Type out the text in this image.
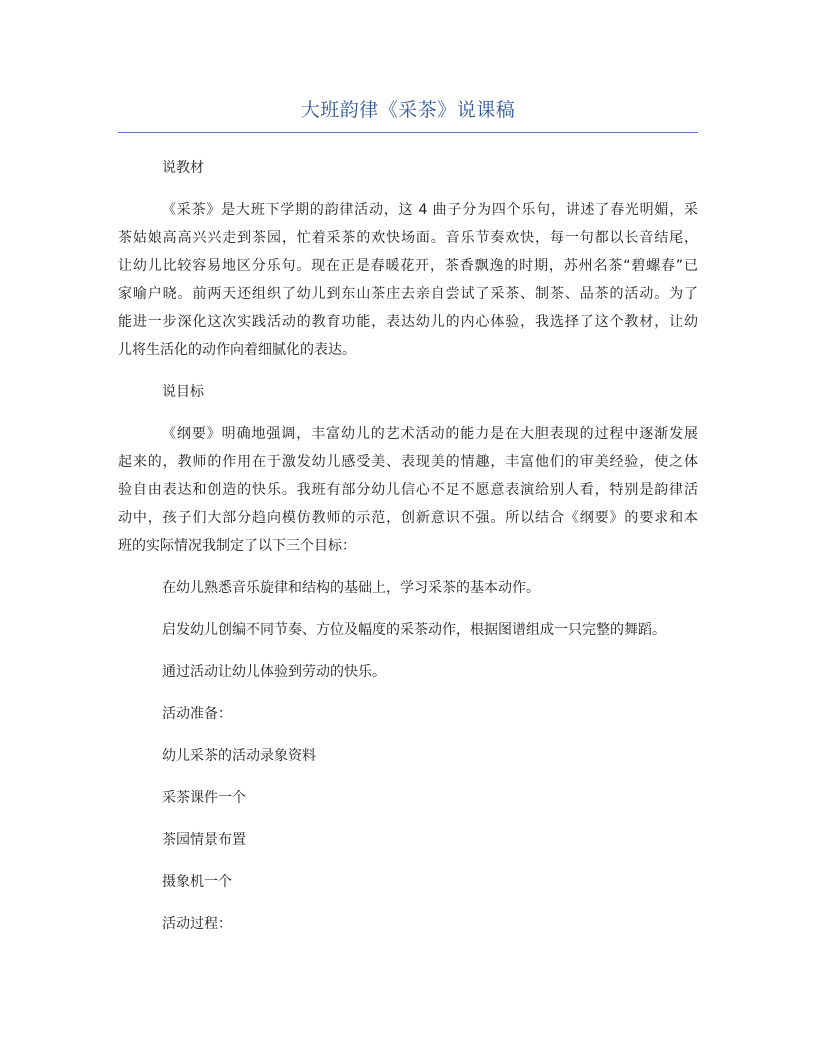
大班韵律《采茶》说课稿
说教材
《采茶》是大班下学期的韵律活动，这 4 曲子分为四个乐句，讲述了春光明媚，采
茶姑娘高高兴兴走到茶园，忙着采茶的欢快场面。音乐节奏欢快，每一句都以长音结尾，
让幼儿比较容易地区分乐句。现在正是春暖花开，茶香飘逸的时期，苏州名茶“碧螺春”已
家喻户晓。前两天还组织了幼儿到东山茶庄去亲自尝试了采茶、制茶、品茶的活动。为了
能进一步深化这次实践活动的教育功能，表达幼儿的内心体验，我选择了这个教材，让幼
儿将生活化的动作向着细腻化的表达。
说目标
《纲要》明确地强调，丰富幼儿的艺术活动的能力是在大胆表现的过程中逐渐发展
起来的，教师的作用在于激发幼儿感受美、表现美的情趣，丰富他们的审美经验，使之体
验自由表达和创造的快乐。我班有部分幼儿信心不足不愿意表演给别人看，特别是韵律活
动中，孩子们大部分趋向模仿教师的示范，创新意识不强。所以结合《纲要》的要求和本
班的实际情况我制定了以下三个目标：
在幼儿熟悉音乐旋律和结构的基础上，学习采茶的基本动作。
启发幼儿创编不同节奏、方位及幅度的采茶动作，根据图谱组成一只完整的舞蹈。
通过活动让幼儿体验到劳动的快乐。
活动准备：
幼儿采茶的活动录象资料
采茶课件一个
茶园情景布置
摄象机一个
活动过程：
